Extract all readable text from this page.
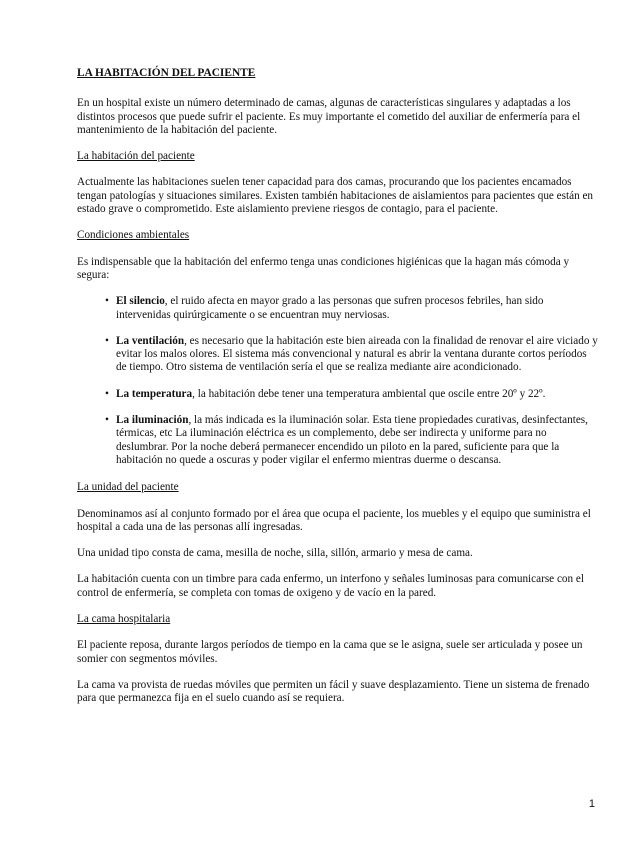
LA HABITACIÓN DEL PACIENTE

En un hospital existe un número determinado de camas, algunas de características singulares y adaptadas a los distintos procesos que puede sufrir el paciente. Es muy importante el cometido del auxiliar de enfermería para el mantenimiento de la habitación del paciente.

La habitación del paciente

Actualmente las habitaciones suelen tener capacidad para dos camas, procurando que los pacientes encamados tengan patologías y situaciones similares. Existen también habitaciones de aislamientos para pacientes que están en estado grave o comprometido. Este aislamiento previene riesgos de contagio, para el paciente.

Condiciones ambientales

Es indispensable que la habitación del enfermo tenga unas condiciones higiénicas que la hagan más cómoda y segura:

• El silencio, el ruido afecta en mayor grado a las personas que sufren procesos febriles, han sido intervenidas quirúrgicamente o se encuentran muy nerviosas.
• La ventilación, es necesario que la habitación este bien aireada con la finalidad de renovar el aire viciado y evitar los malos olores. El sistema más convencional y natural es abrir la ventana durante cortos períodos de tiempo. Otro sistema de ventilación sería el que se realiza mediante aire acondicionado.
• La temperatura, la habitación debe tener una temperatura ambiental que oscile entre 20º y 22º.
• La iluminación, la más indicada es la iluminación solar. Esta tiene propiedades curativas, desinfectantes, térmicas, etc La iluminación eléctrica es un complemento, debe ser indirecta y uniforme para no deslumbrar. Por la noche deberá permanecer encendido un piloto en la pared, suficiente para que la habitación no quede a oscuras y poder vigilar el enfermo mientras duerme o descansa.
La unidad del paciente

Denominamos así al conjunto formado por el área que ocupa el paciente, los muebles y el equipo que suministra el hospital a cada una de las personas allí ingresadas.

Una unidad tipo consta de cama, mesilla de noche, silla, sillón, armario y mesa de cama.

La habitación cuenta con un timbre para cada enfermo, un interfono y señales luminosas para comunicarse con el control de enfermería, se completa con tomas de oxigeno y de vacío en la pared.

La cama hospitalaria

El paciente reposa, durante largos períodos de tiempo en la cama que se le asigna, suele ser articulada y posee un somier con segmentos móviles.

La cama va provista de ruedas móviles que permiten un fácil y suave desplazamiento. Tiene un sistema de frenado para que permanezca fija en el suelo cuando así se requiera.

1
